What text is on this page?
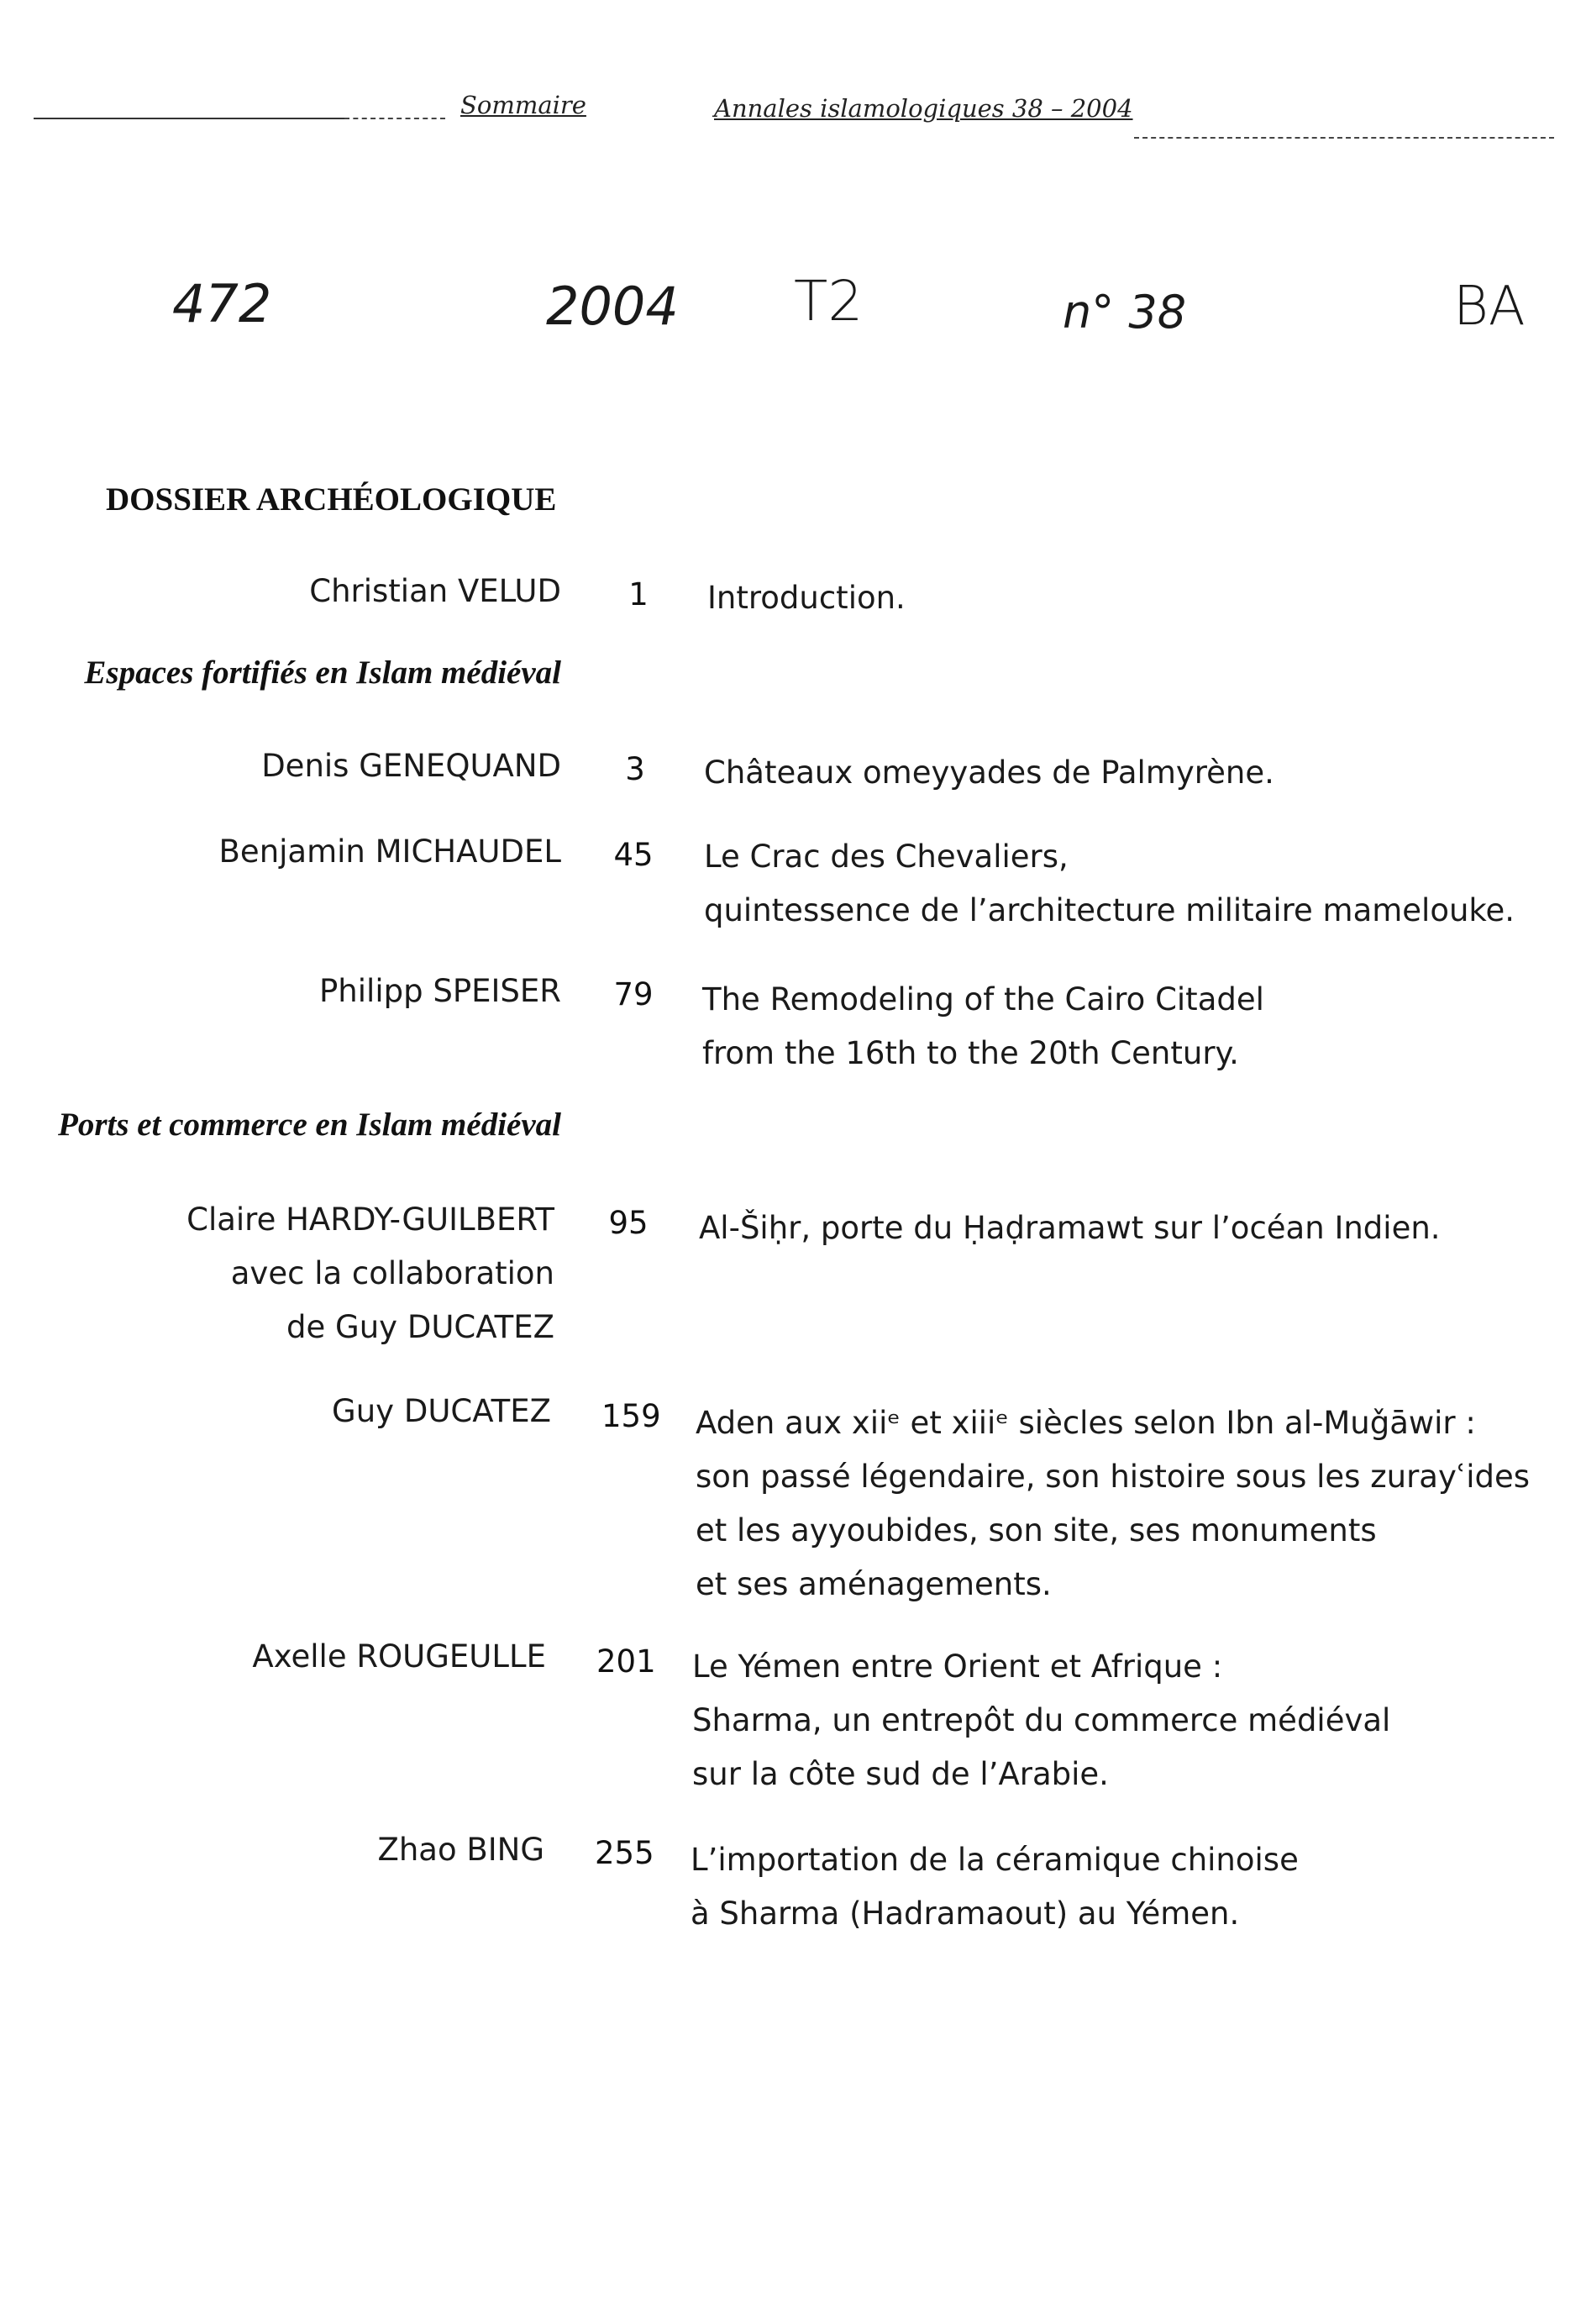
Sommaire	Annales islamologiques 38 – 2004
472	2004 T2	n° 38	BA
DOSSIER ARCHÉOLOGIQUE
Christian VELUD	1	Introduction.
Espaces fortifiés en Islam médiéval
Denis GENEQUAND	3	Châteaux omeyyades de Palmyrène.
Benjamin MICHAUDEL 45 Le Crac des Chevaliers,
quintessence de l’architecture militaire mamelouke.
Philipp SPEISER 79 The Remodeling of the Cairo Citadel
from the 16th to the 20th Century.
Ports et commerce en Islam médiéval
Claire HARDY-GUILBERT
avec la collaboration
de Guy DUCATEZ
95 Al-Šiḥr, porte du Ḥaḍramawt sur l’océan Indien.
Guy DUCATEZ 159 Aden aux xiiᵉ et xiiiᵉ siècles selon Ibn al-Muǧāwir :
son passé légendaire, son histoire sous les zurayʿides
et les ayyoubides, son site, ses monuments
et ses aménagements.
Axelle ROUGEULLE 201 Le Yémen entre Orient et Afrique :
Sharma, un entrepôt du commerce médiéval
sur la côte sud de l’Arabie.
Zhao BING 255 L’importation de la céramique chinoise
à Sharma (Hadramaout) au Yémen.
